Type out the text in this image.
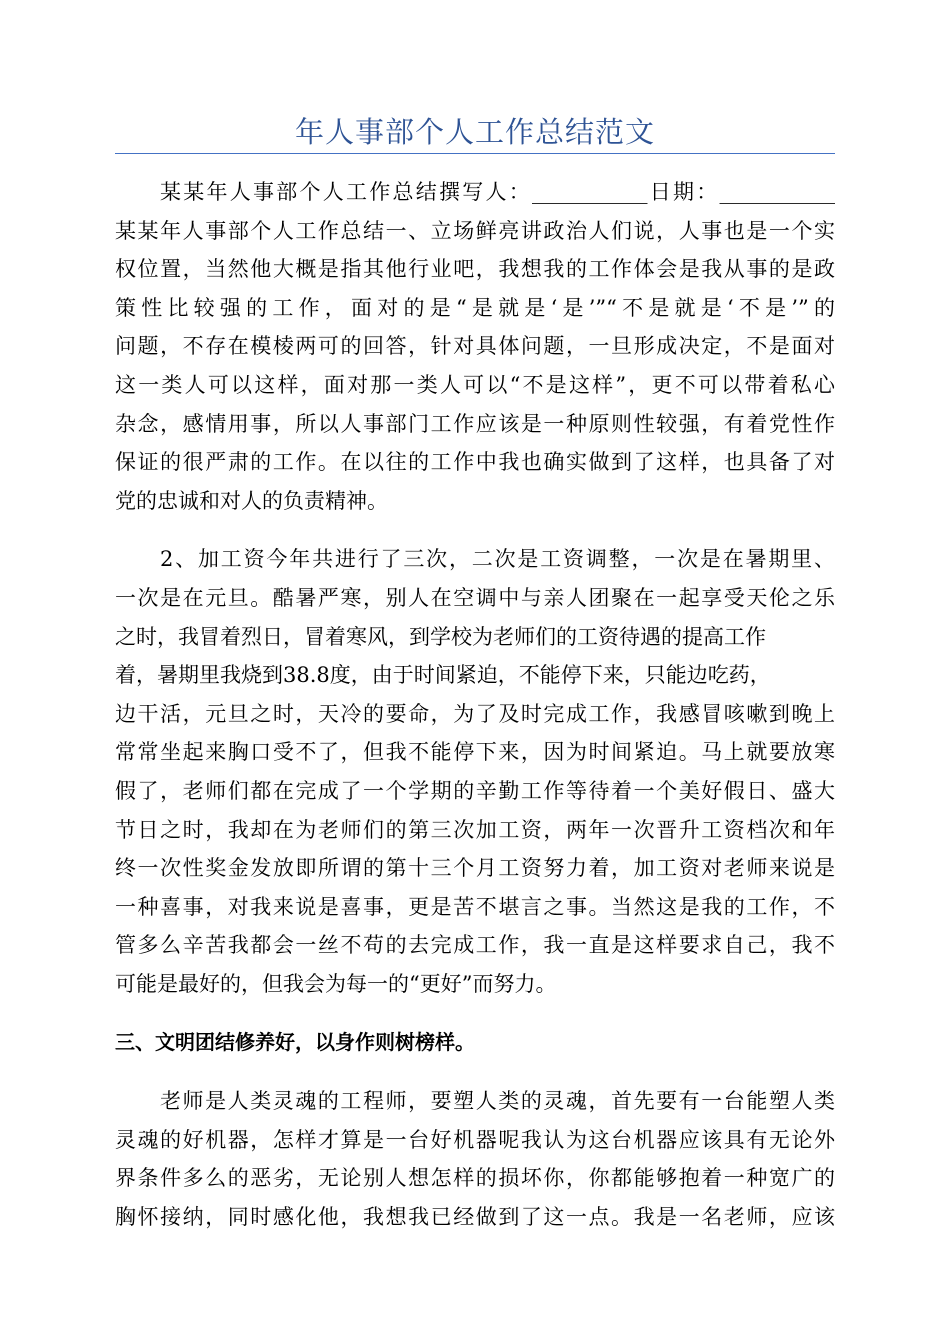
年人事部个人工作总结范文
某某年人事部个人工作总结撰写人：___________日期：___________
某某年人事部个人工作总结一、立场鲜亮讲政治人们说，人事也是一个实
权位置，当然他大概是指其他行业吧，我想我的工作体会是我从事的是政
策性比较强的工作，面对的是“是就是‘是’”“不是就是‘不是’”的
问题，不存在模棱两可的回答，针对具体问题，一旦形成决定，不是面对
这一类人可以这样，面对那一类人可以“不是这样”，更不可以带着私心
杂念，感情用事，所以人事部门工作应该是一种原则性较强，有着党性作
保证的很严肃的工作。在以往的工作中我也确实做到了这样，也具备了对
党的忠诚和对人的负责精神。
2、加工资今年共进行了三次，二次是工资调整，一次是在暑期里、
一次是在元旦。酷暑严寒，别人在空调中与亲人团聚在一起享受天伦之乐
之时，我冒着烈日，冒着寒风，到学校为老师们的工资待遇的提高工作
着，暑期里我烧到38.8度，由于时间紧迫，不能停下来，只能边吃药，
边干活，元旦之时，天冷的要命，为了及时完成工作，我感冒咳嗽到晚上
常常坐起来胸口受不了，但我不能停下来，因为时间紧迫。马上就要放寒
假了，老师们都在完成了一个学期的辛勤工作等待着一个美好假日、盛大
节日之时，我却在为老师们的第三次加工资，两年一次晋升工资档次和年
终一次性奖金发放即所谓的第十三个月工资努力着，加工资对老师来说是
一种喜事，对我来说是喜事，更是苦不堪言之事。当然这是我的工作，不
管多么辛苦我都会一丝不苟的去完成工作，我一直是这样要求自己，我不
可能是最好的，但我会为每一的“更好”而努力。
三、文明团结修养好，以身作则树榜样。
老师是人类灵魂的工程师，要塑人类的灵魂，首先要有一台能塑人类
灵魂的好机器，怎样才算是一台好机器呢我认为这台机器应该具有无论外
界条件多么的恶劣，无论别人想怎样的损坏你，你都能够抱着一种宽广的
胸怀接纳，同时感化他，我想我已经做到了这一点。我是一名老师，应该
